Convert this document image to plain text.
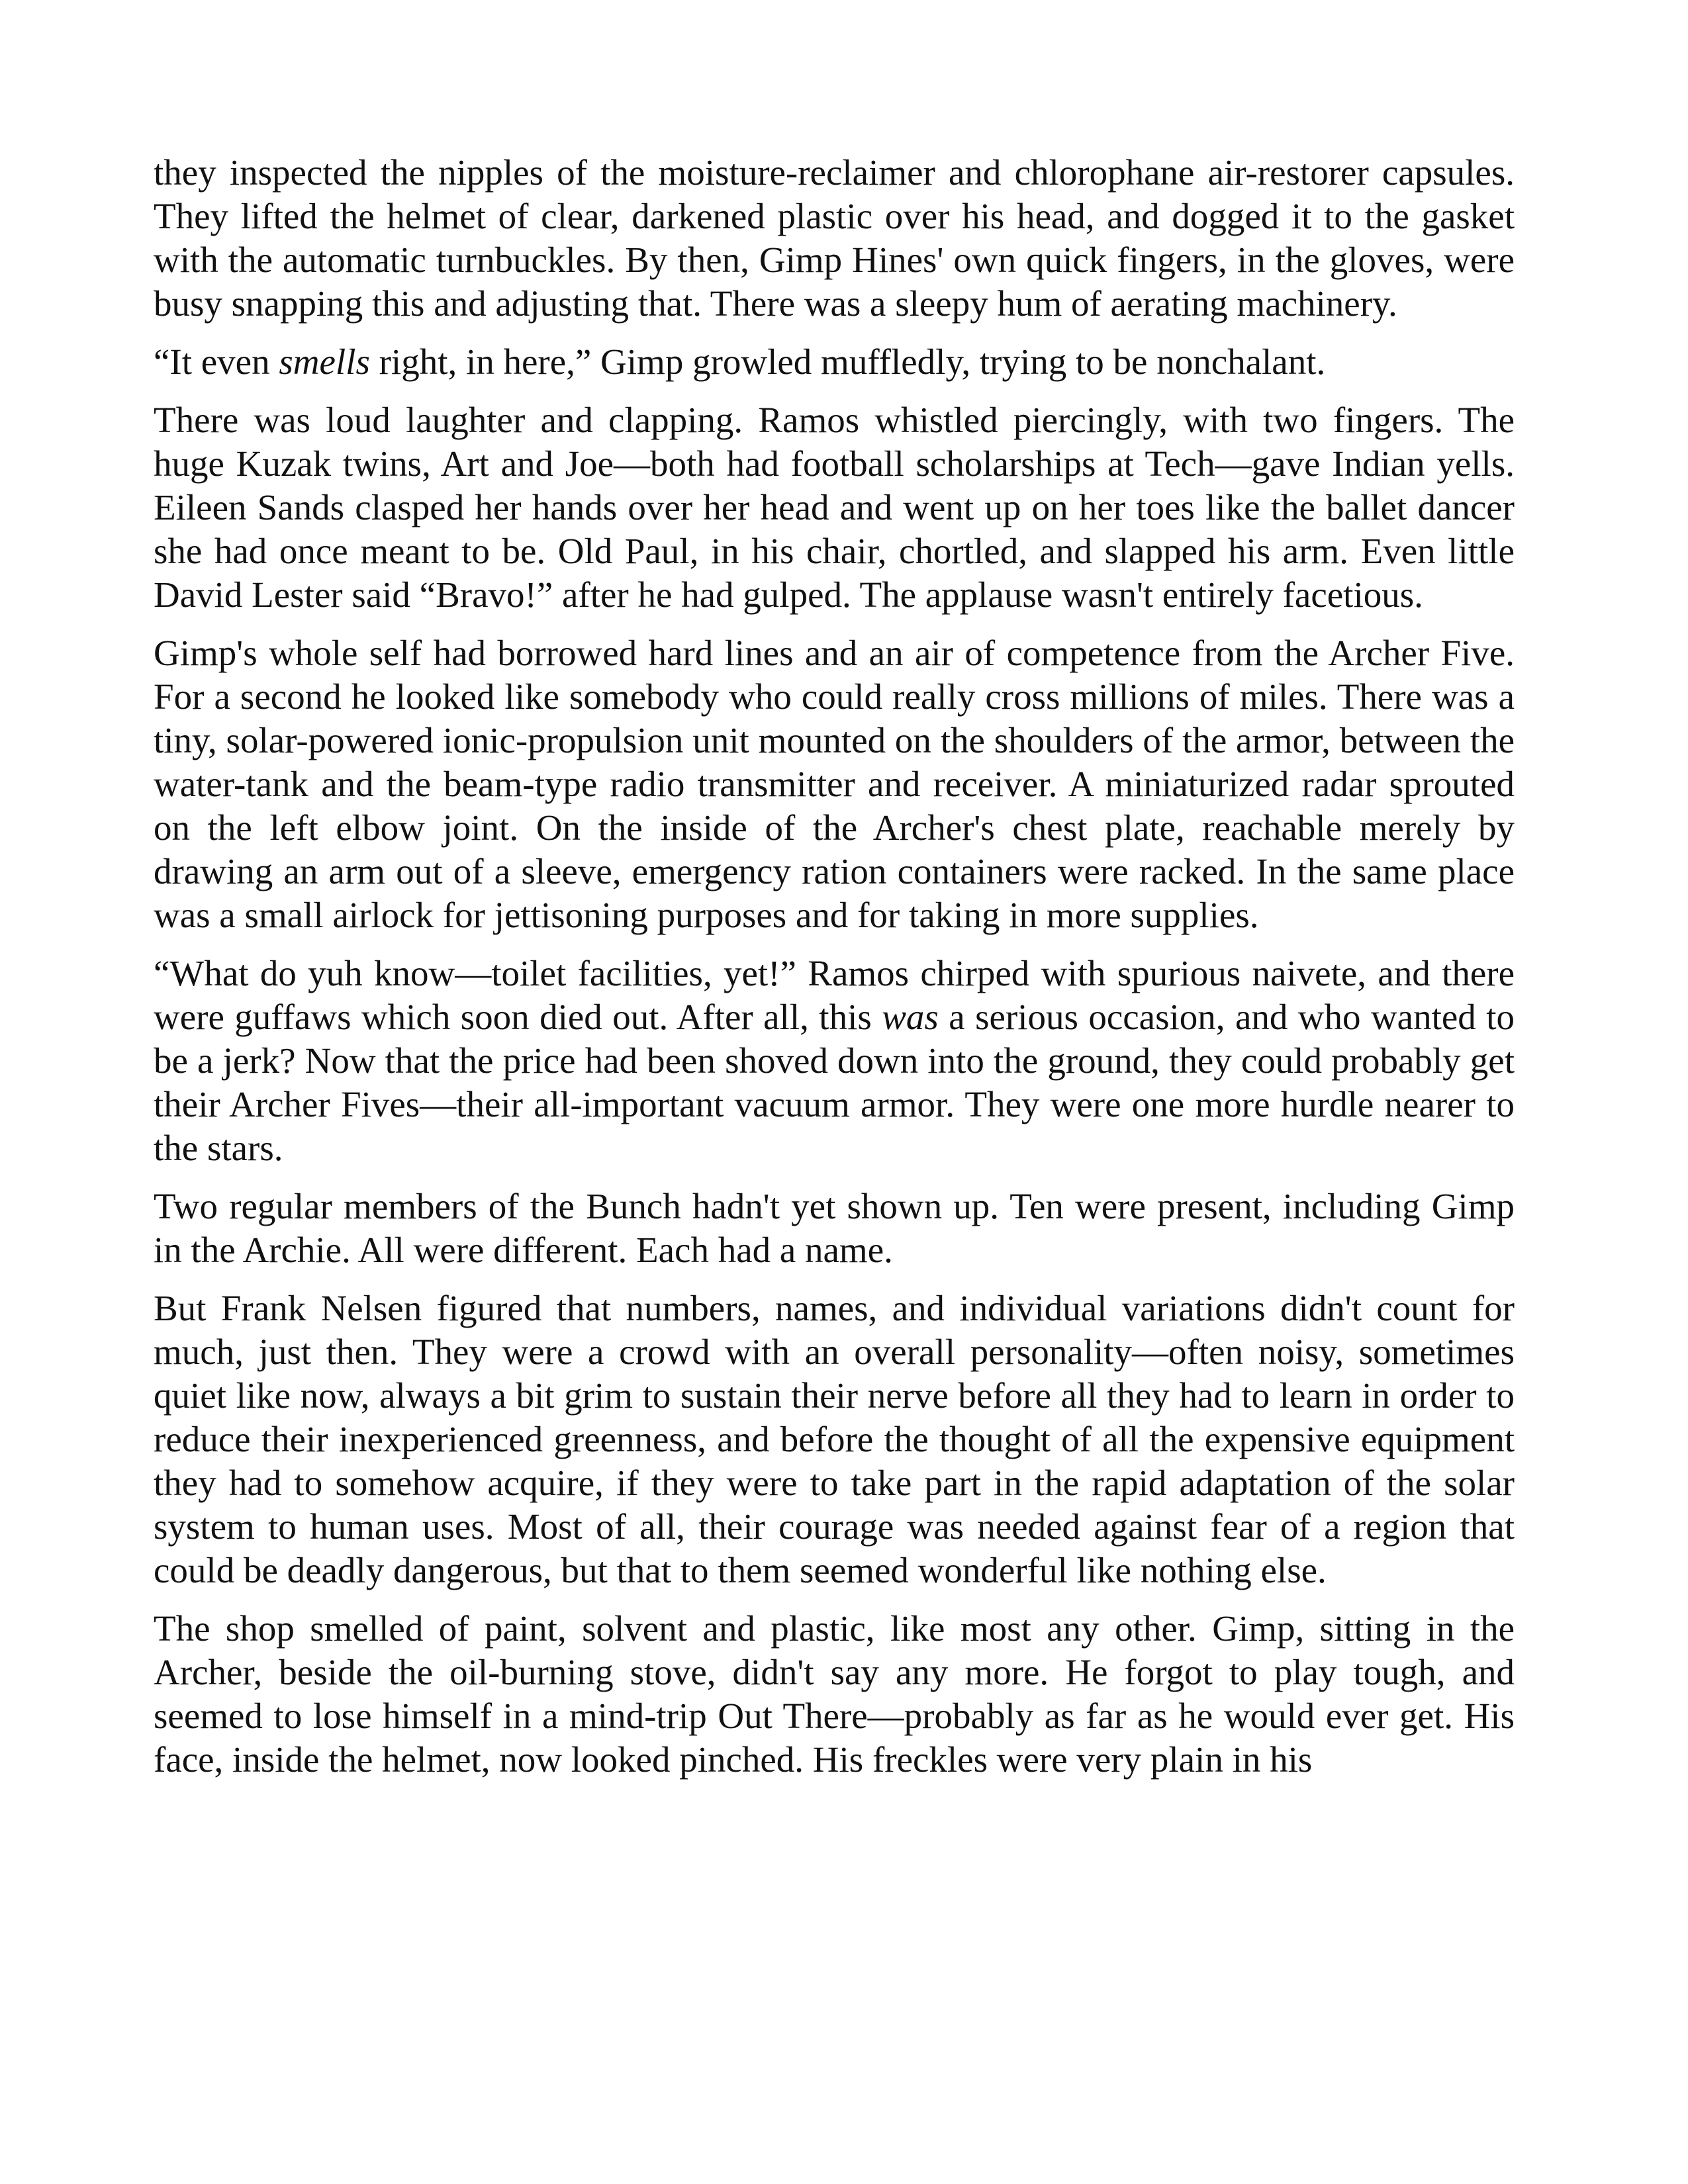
they inspected the nipples of the moisture-reclaimer and chlorophane air-restorer capsules. They lifted the helmet of clear, darkened plastic over his head, and dogged it to the gasket with the automatic turnbuckles. By then, Gimp Hines' own quick fingers, in the gloves, were busy snapping this and adjusting that. There was a sleepy hum of aerating machinery.

“It even smells right, in here,” Gimp growled muffledly, trying to be nonchalant.

There was loud laughter and clapping. Ramos whistled piercingly, with two fingers. The huge Kuzak twins, Art and Joe—both had football scholarships at Tech—gave Indian yells. Eileen Sands clasped her hands over her head and went up on her toes like the ballet dancer she had once meant to be. Old Paul, in his chair, chortled, and slapped his arm. Even little David Lester said “Bravo!” after he had gulped. The applause wasn't entirely facetious.

Gimp's whole self had borrowed hard lines and an air of competence from the Archer Five. For a second he looked like somebody who could really cross millions of miles. There was a tiny, solar-powered ionic-propulsion unit mounted on the shoulders of the armor, between the water-tank and the beam-type radio transmitter and receiver. A miniaturized radar sprouted on the left elbow joint. On the inside of the Archer's chest plate, reachable merely by drawing an arm out of a sleeve, emergency ration containers were racked. In the same place was a small airlock for jettisoning purposes and for taking in more supplies.

“What do yuh know—toilet facilities, yet!” Ramos chirped with spurious naivete, and there were guffaws which soon died out. After all, this was a serious occasion, and who wanted to be a jerk? Now that the price had been shoved down into the ground, they could probably get their Archer Fives—their all-important vacuum armor. They were one more hurdle nearer to the stars.

Two regular members of the Bunch hadn't yet shown up. Ten were present, including Gimp in the Archie. All were different. Each had a name.

But Frank Nelsen figured that numbers, names, and individual variations didn't count for much, just then. They were a crowd with an overall personality—often noisy, sometimes quiet like now, always a bit grim to sustain their nerve before all they had to learn in order to reduce their inexperienced greenness, and before the thought of all the expensive equipment they had to somehow acquire, if they were to take part in the rapid adaptation of the solar system to human uses. Most of all, their courage was needed against fear of a region that could be deadly dangerous, but that to them seemed wonderful like nothing else.

The shop smelled of paint, solvent and plastic, like most any other. Gimp, sitting in the Archer, beside the oil-burning stove, didn't say any more. He forgot to play tough, and seemed to lose himself in a mind-trip Out There—probably as far as he would ever get. His face, inside the helmet, now looked pinched. His freckles were very plain in his
